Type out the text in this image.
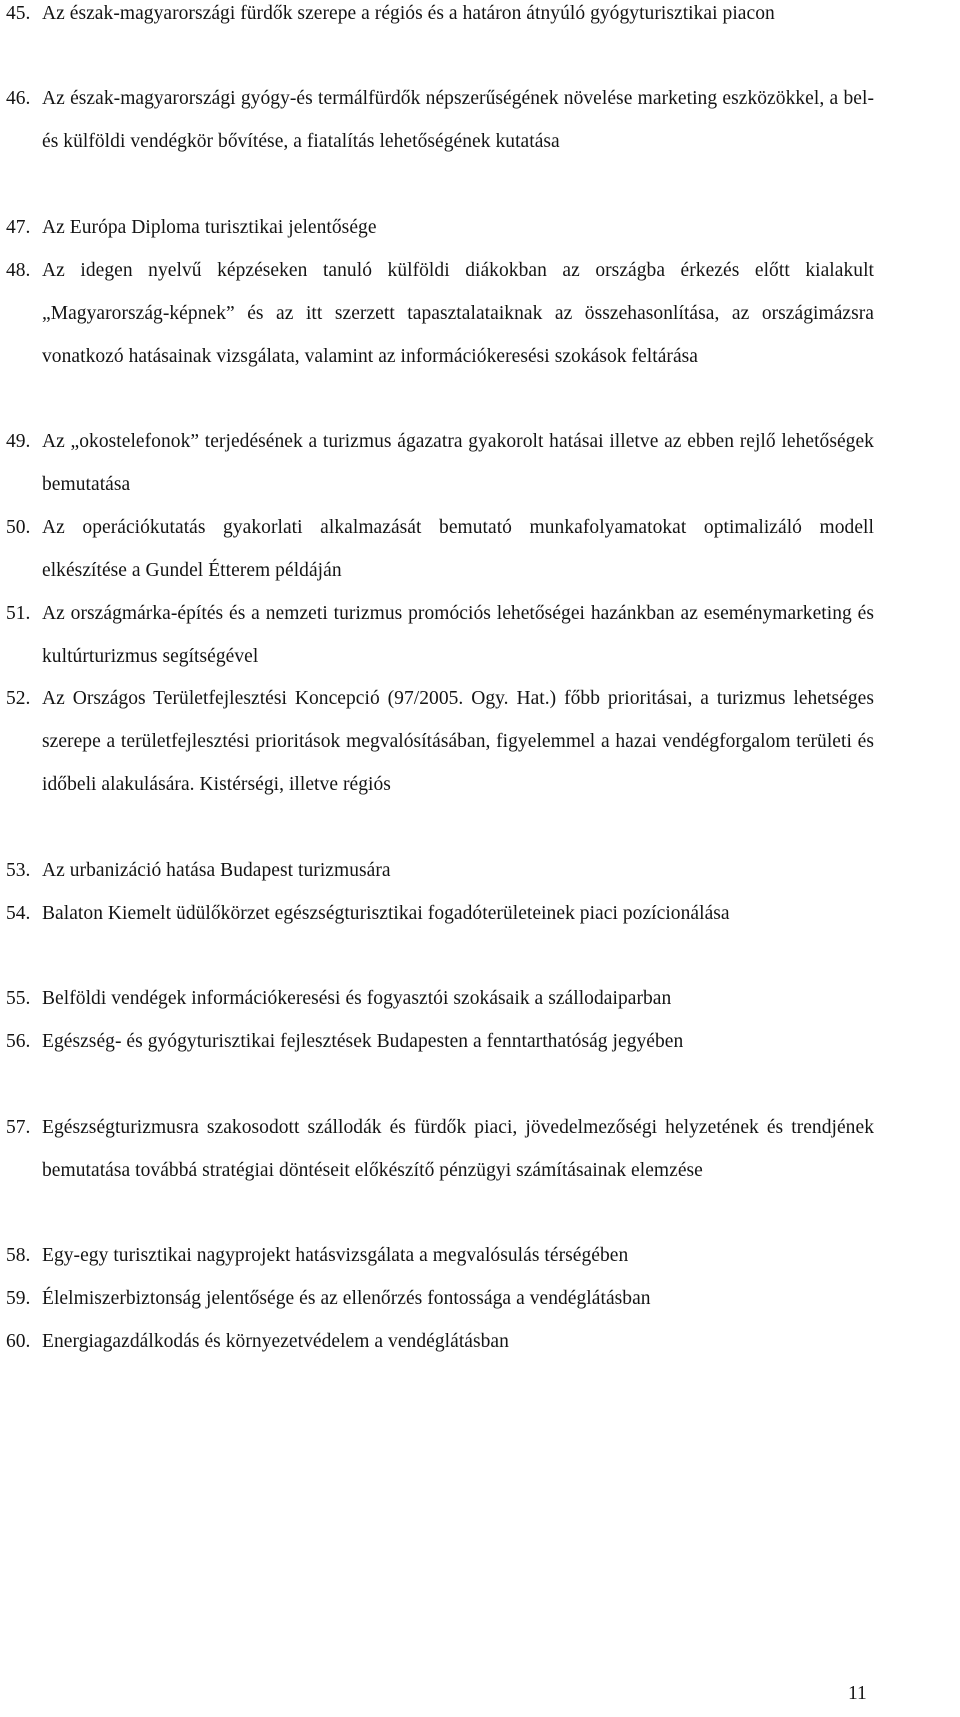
45. Az észak-magyarországi fürdők szerepe a régiós és a határon átnyúló gyógyturisztikai piacon

46. Az észak-magyarországi gyógy-és termálfürdők népszerűségének növelése marketing eszközökkel, a bel- és külföldi vendégkör bővítése, a fiatalítás lehetőségének kutatása

47. Az Európa Diploma turisztikai jelentősége

48. Az idegen nyelvű képzéseken tanuló külföldi diákokban az országba érkezés előtt kialakult „Magyarország-képnek” és az itt szerzett tapasztalataiknak az összehasonlítása, az országimázsra vonatkozó hatásainak vizsgálata, valamint az információkeresési szokások feltárása

49. Az „okostelefonok” terjedésének a turizmus ágazatra gyakorolt hatásai illetve az ebben rejlő lehetőségek bemutatása

50. Az operációkutatás gyakorlati alkalmazását bemutató munkafolyamatokat optimalizáló modell elkészítése a Gundel Étterem példáján

51. Az országmárka-építés és a nemzeti turizmus promóciós lehetőségei hazánkban az eseménymarketing és kultúrturizmus segítségével

52. Az Országos Területfejlesztési Koncepció (97/2005. Ogy. Hat.) főbb prioritásai, a turizmus lehetséges szerepe a területfejlesztési prioritások megvalósításában, figyelemmel a hazai vendégforgalom területi és időbeli alakulására. Kistérségi, illetve régiós

53. Az urbanizáció hatása Budapest turizmusára

54. Balaton Kiemelt üdülőkörzet egészségturisztikai fogadóterületeinek piaci pozícionálása

55. Belföldi vendégek információkeresési és fogyasztói szokásaik a szállodaiparban

56. Egészség- és gyógyturisztikai fejlesztések Budapesten a fenntarthatóság jegyében

57. Egészségturizmusra szakosodott szállodák és fürdők piaci, jövedelmezőségi helyzetének és trendjének bemutatása továbbá stratégiai döntéseit előkészítő pénzügyi számításainak elemzése

58. Egy-egy turisztikai nagyprojekt hatásvizsgálata a megvalósulás térségében

59. Élelmiszerbiztonság jelentősége és az ellenőrzés fontossága a vendéglátásban

60. Energiagazdálkodás és környezetvédelem a vendéglátásban

11
